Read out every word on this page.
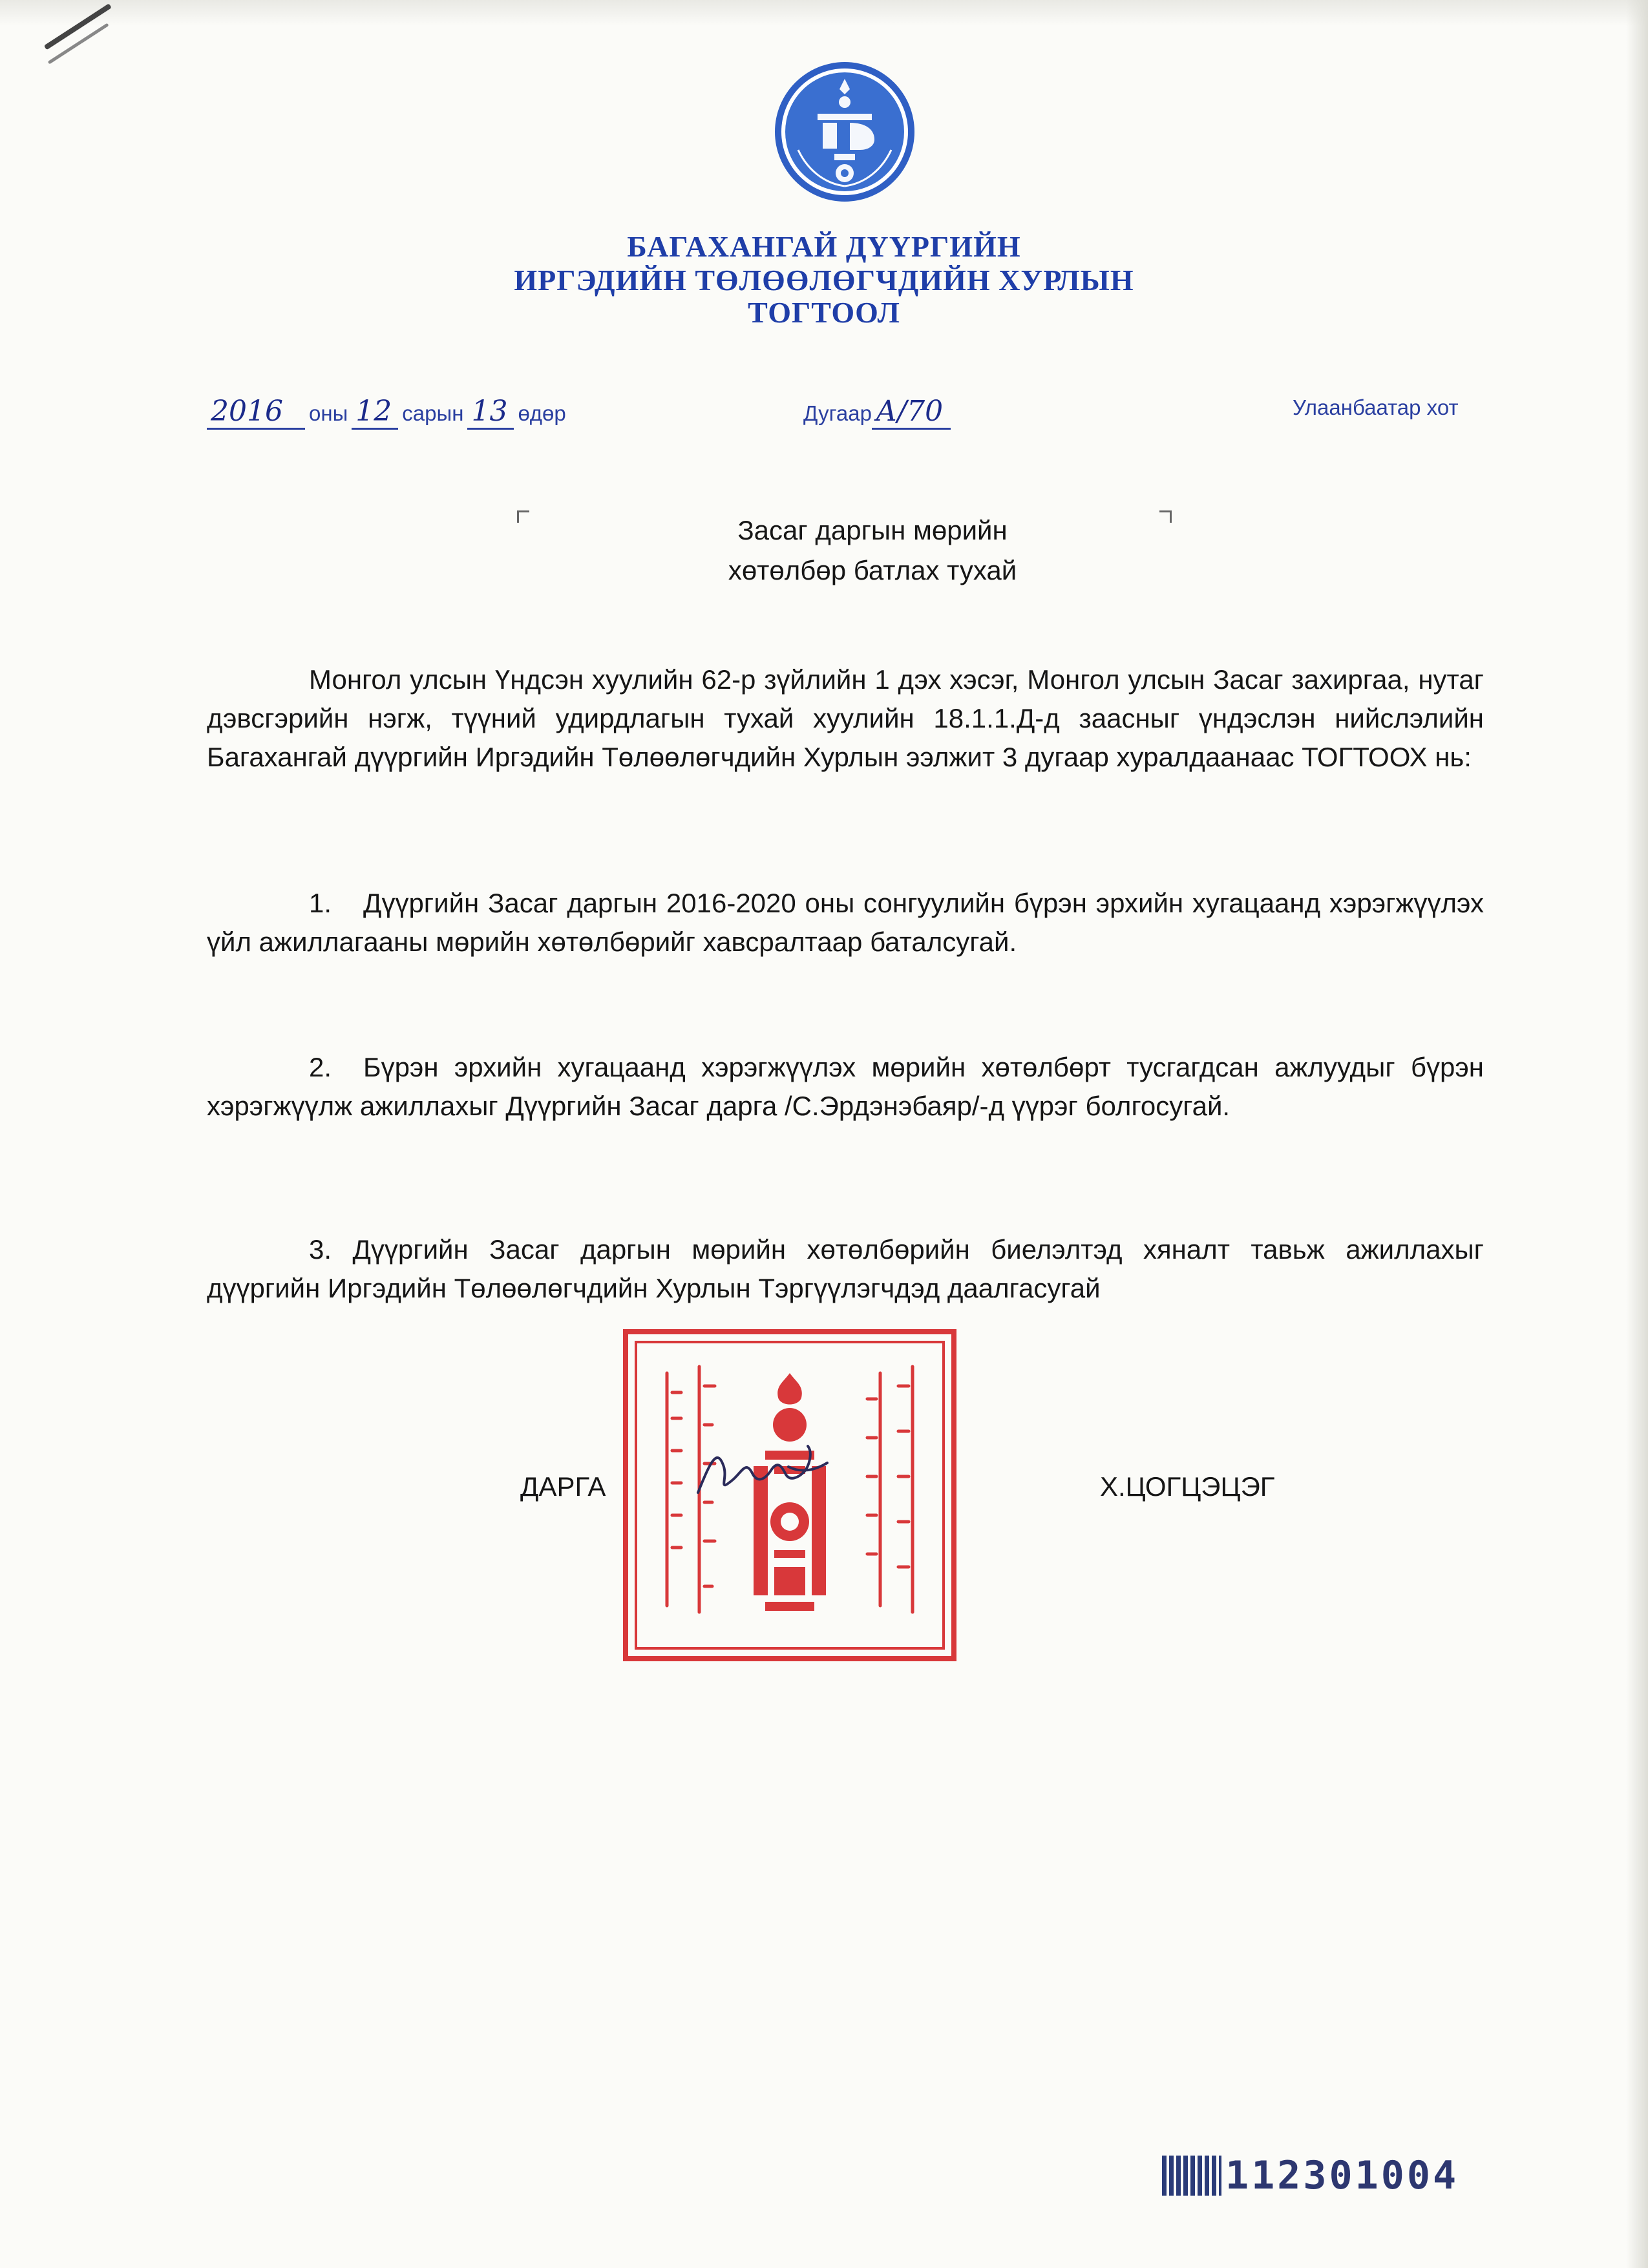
БАГАХАНГАЙ ДҮҮРГИЙН
ИРГЭДИЙН ТӨЛӨӨЛӨГЧДИЙН ХУРЛЫН
ТОГТООЛ
2016 оны 12 сарын 13 өдөр	Дугаар А/70	Улаанбаатар хот
Засаг даргын мөрийн
хөтөлбөр батлах тухай

Монгол улсын Үндсэн хуулийн 62-р зүйлийн 1 дэх хэсэг, Монгол улсын Засаг захиргаа, нутаг дэвсгэрийн нэгж, түүний удирдлагын тухай хуулийн 18.1.1.Д-д заасныг үндэслэн нийслэлийн Багахангай дүүргийн Иргэдийн Төлөөлөгчдийн Хурлын ээлжит 3 дугаар хуралдаанаас ТОГТООХ нь:

1. Дүүргийн Засаг даргын 2016-2020 оны сонгуулийн бүрэн эрхийн хугацаанд хэрэгжүүлэх үйл ажиллагааны мөрийн хөтөлбөрийг хавсралтаар баталсугай.

2. Бүрэн эрхийн хугацаанд хэрэгжүүлэх мөрийн хөтөлбөрт тусгагдсан ажлуудыг бүрэн хэрэгжүүлж ажиллахыг Дүүргийн Засаг дарга /С.Эрдэнэбаяр/-д үүрэг болгосугай.

3. Дүүргийн Засаг даргын мөрийн хөтөлбөрийн биелэлтэд хяналт тавьж ажиллахыг дүүргийн Иргэдийн Төлөөлөгчдийн Хурлын Тэргүүлэгчдэд даалгасугай

ДАРГА	Х.ЦОГЦЭЦЭГ
112301004
